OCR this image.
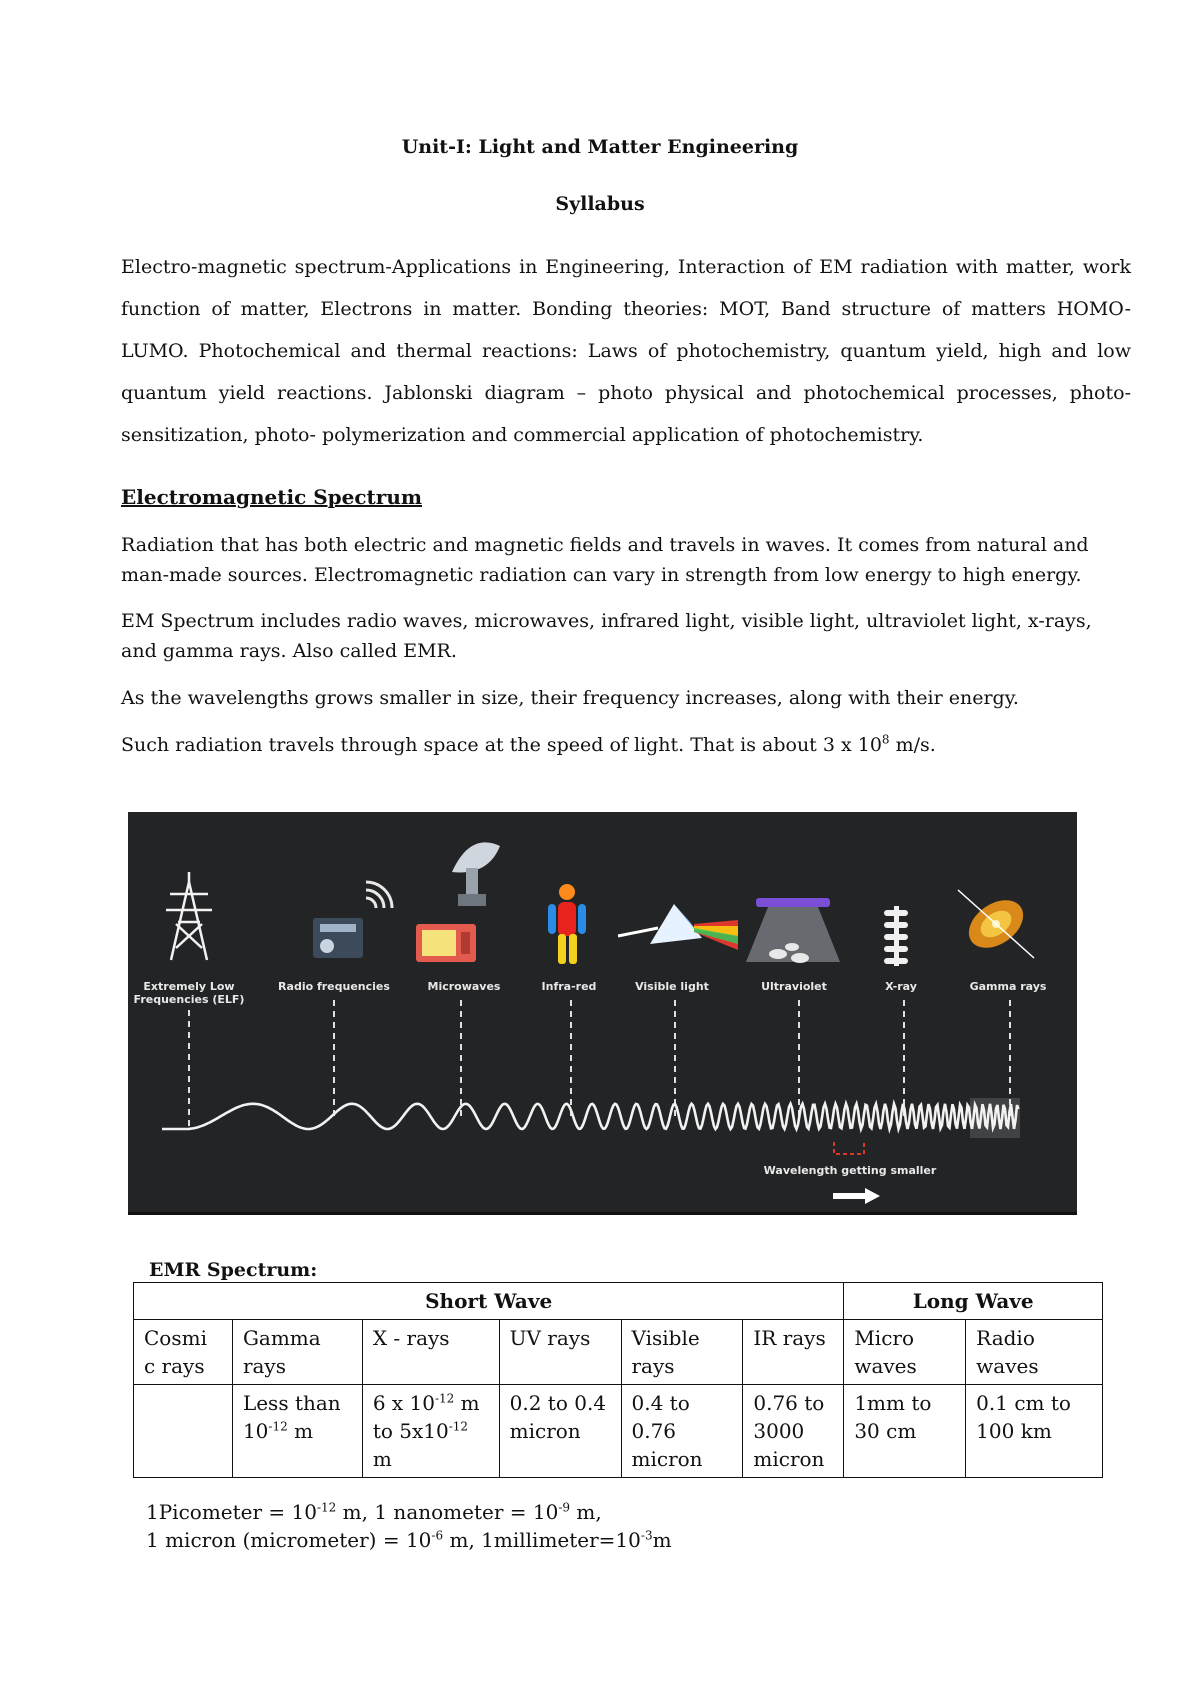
Unit-I: Light and Matter Engineering
Syllabus

Electro-magnetic spectrum-Applications in Engineering, Interaction of EM radiation with matter, work function of matter, Electrons in matter. Bonding theories: MOT, Band structure of matters HOMO-LUMO. Photochemical and thermal reactions: Laws of photochemistry, quantum yield, high and low quantum yield reactions. Jablonski diagram – photo physical and photochemical processes, photo-sensitization, photo- polymerization and commercial application of photochemistry.

Electromagnetic Spectrum

Radiation that has both electric and magnetic fields and travels in waves. It comes from natural and man-made sources. Electromagnetic radiation can vary in strength from low energy to high energy.

EM Spectrum includes radio waves, microwaves, infrared light, visible light, ultraviolet light, x-rays, and gamma rays. Also called EMR.

As the wavelengths grows smaller in size, their frequency increases, along with their energy.

Such radiation travels through space at the speed of light. That is about 3 x $10^8$ m/s.

Extremely Low
Frequencies (ELF)
Radio frequencies	Microwaves	Infra-red	Visible light	Ultraviolet	X-ray	Gamma rays
Wavelength getting smaller
EMR Spectrum:
Short Wave						Long Wave	
Cosmi
c rays	Gamma
rays	X - rays	UV rays	Visible
rays	IR rays	Micro
waves	Radio
waves
	Less than
$10^{-12}$ m	6 x $10^{-12}$ m
to $5x10^{-12}$
m	0.2 to 0.4
micron	0.4 to
0.76
micron	0.76 to
3000
micron	1mm to
30 cm	0.1 cm to
100 km
1Picometer = $10^{-12}$ m, 1 nanometer = $10^{-9}$ m,
1 micron (micrometer) = $10^{-6}$ m, $1millimeter=10^{-3}m$
